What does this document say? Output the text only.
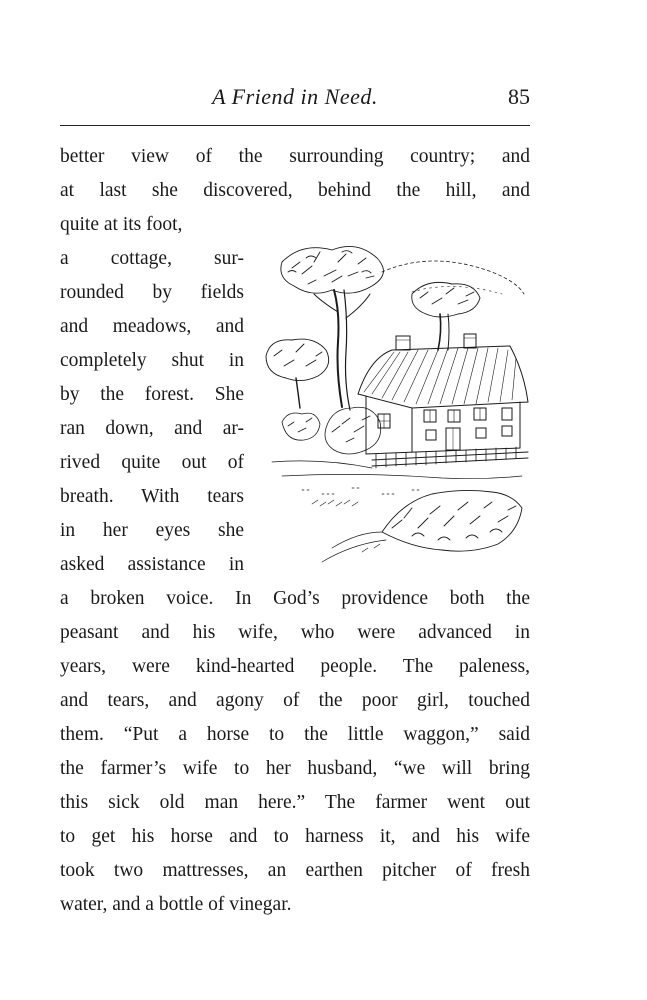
A Friend in Need.	85
better view of the surrounding country; and
at last she discovered, behind the hill, and
quite at its foot,
a cottage, sur-
rounded by fields
and meadows, and
completely shut in
by the forest. She
ran down, and ar-
rived quite out of
breath. With tears
in her eyes she
asked assistance in
a broken voice. In God’s providence both the
peasant and his wife, who were advanced in
years, were kind-hearted people. The paleness,
and tears, and agony of the poor girl, touched
them. “Put a horse to the little waggon,” said
the farmer’s wife to her husband, “we will bring
this sick old man here.” The farmer went out
to get his horse and to harness it, and his wife
took two mattresses, an earthen pitcher of fresh
water, and a bottle of vinegar.
